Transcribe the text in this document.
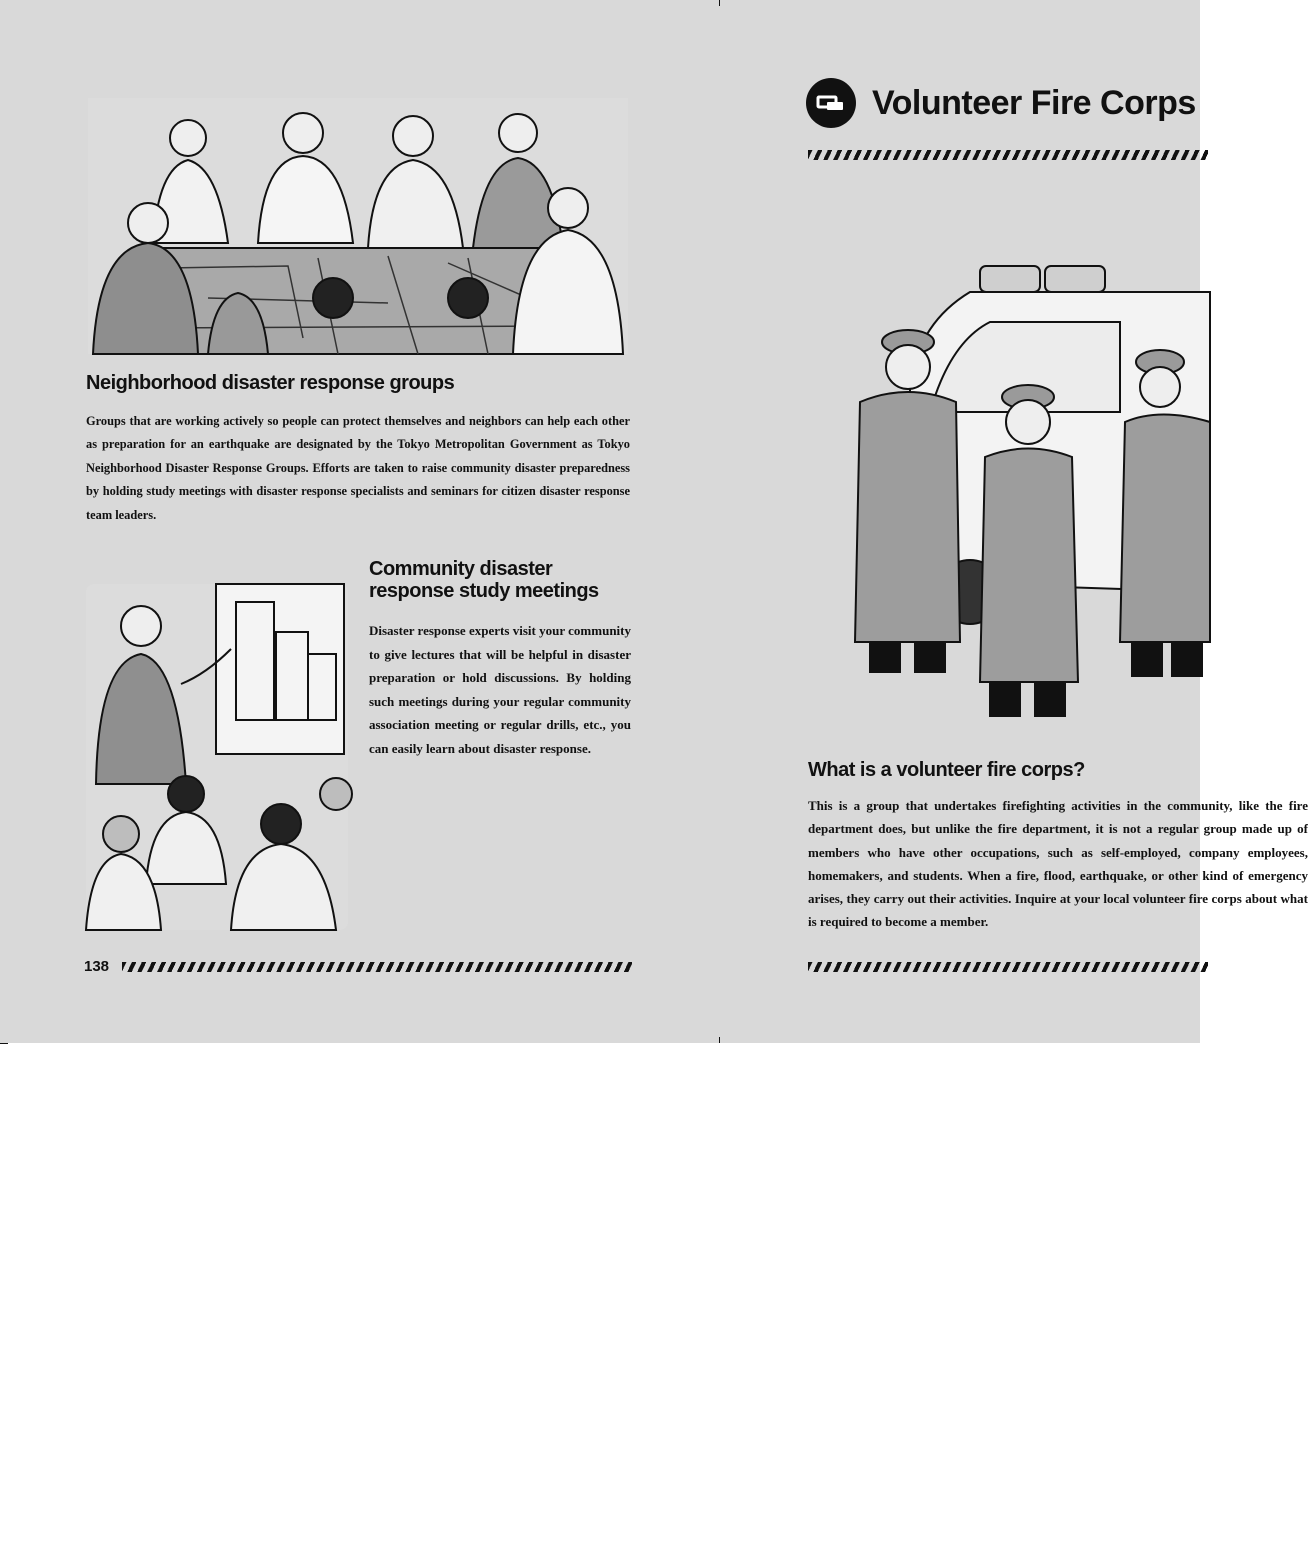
Neighborhood disaster response groups

Groups that are working actively so people can protect themselves and neighbors can help each other as preparation for an earthquake are designated by the Tokyo Metropolitan Government as Tokyo Neighborhood Disaster Response Groups. Efforts are taken to raise community disaster preparedness by holding study meetings with disaster response specialists and seminars for citizen disaster response team leaders.

Community disaster
response study meetings

Disaster response experts visit your community to give lectures that will be helpful in disaster preparation or hold discussions. By holding such meetings during your regular community association meeting or regular drills, etc., you can easily learn about disaster response.

138
Volunteer Fire Corps
What is a volunteer fire corps?

This is a group that undertakes firefighting activities in the community, like the fire department does, but unlike the fire department, it is not a regular group made up of members who have other occupations, such as self-employed, company employees, homemakers, and students. When a fire, flood, earthquake, or other kind of emergency arises, they carry out their activities. Inquire at your local volunteer fire corps about what is required to become a member.
